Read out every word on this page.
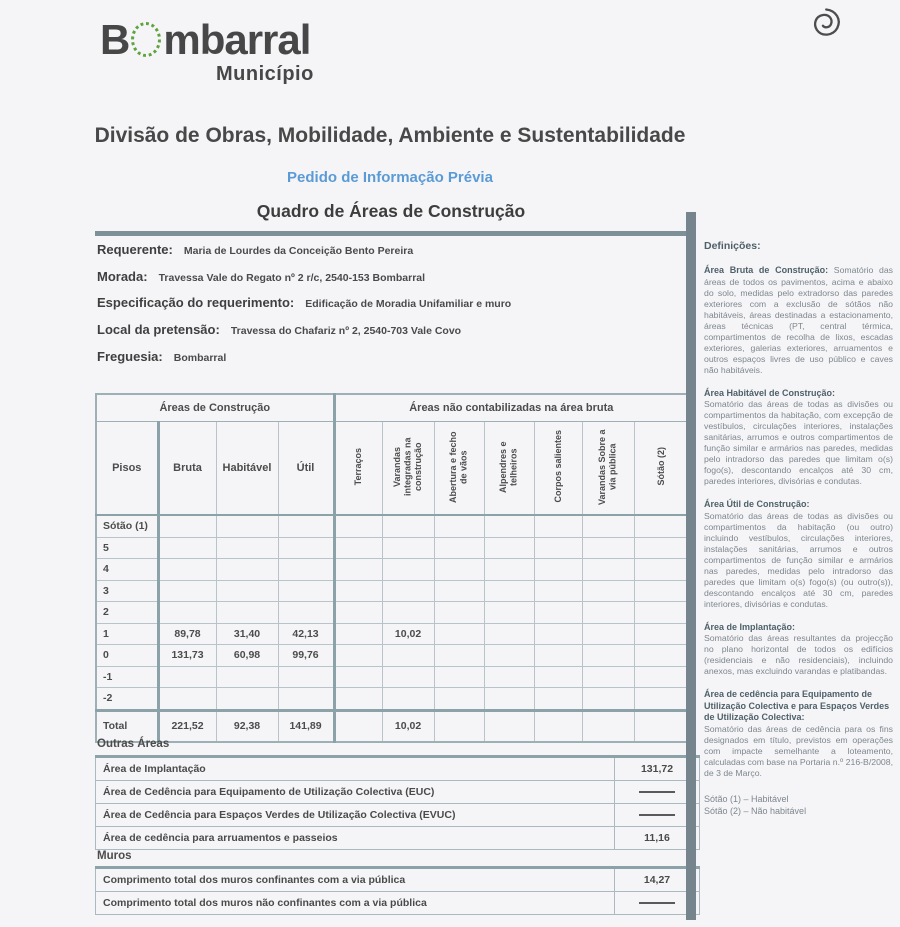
B mbarral
Município
Divisão de Obras, Mobilidade, Ambiente e Sustentabilidade
Pedido de Informação Prévia
Quadro de Áreas de Construção
Requerente: Maria de Lourdes da Conceição Bento Pereira
Morada: Travessa Vale do Regato nº 2 r/c, 2540-153 Bombarral
Especificação do requerimento: Edificação de Moradia Unifamiliar e muro
Local da pretensão: Travessa do Chafariz nº 2, 2540-703 Vale Covo
Freguesia: Bombarral
Áreas de Construção				Áreas não contabilizadas na área bruta						
Pisos	Bruta	Habitável	Útil	Terraços	Varandas integradas na construção	Abertura e fecho de vãos	Alpendres e telheiros	Corpos salientes	Varandas Sobre a via pública	Sótão (2)
Sótão (1)										
5										
4										
3										
2										
1	89,78	31,40	42,13		10,02					
0	131,73	60,98	99,76							
-1										
-2										
Total	221,52	92,38	141,89		10,02					
Outras Áreas
Área de Implantação	131,72
Área de Cedência para Equipamento de Utilização Colectiva (EUC)	

Área de Cedência para Espaços Verdes de Utilização Colectiva (EVUC)	

Área de cedência para arruamentos e passeios	11,16
Muros
Comprimento total dos muros confinantes com a via pública	14,27
Comprimento total dos muros não confinantes com a via pública	
Definições:

Área Bruta de Construção: Somatório das áreas de todos os pavimentos, acima e abaixo do solo, medidas pelo extradorso das paredes exteriores com a exclusão de sótãos não habitáveis, áreas destinadas a estacionamento, áreas técnicas (PT, central térmica, compartimentos de recolha de lixos, escadas exteriores, galerias exteriores, arruamentos e outros espaços livres de uso público e caves não habitáveis.

Área Habitável de Construção:

Somatório das áreas de todas as divisões ou compartimentos da habitação, com excepção de vestíbulos, circulações interiores, instalações sanitárias, arrumos e outros compartimentos de função similar e armários nas paredes, medidas pelo intradorso das paredes que limitam o(s) fogo(s), descontando encalços até 30 cm, paredes interiores, divisórias e condutas.

Área Útil de Construção:

Somatório das áreas de todas as divisões ou compartimentos da habitação (ou outro) incluindo vestíbulos, circulações interiores, instalações sanitárias, arrumos e outros compartimentos de função similar e armários nas paredes, medidas pelo intradorso das paredes que limitam o(s) fogo(s) (ou outro(s)), descontando encalços até 30 cm, paredes interiores, divisórias e condutas.

Área de Implantação:

Somatório das áreas resultantes da projecção no plano horizontal de todos os edifícios (residenciais e não residenciais), incluindo anexos, mas excluindo varandas e platibandas.

Área de cedência para Equipamento de Utilização Colectiva e para Espaços Verdes de Utilização Colectiva:

Somatório das áreas de cedência para os fins designados em título, previstos em operações com impacte semelhante a loteamento, calculadas com base na Portaria n.º 216-B/2008, de 3 de Março.

Sótão (1) – Habitável
Sótão (2) – Não habitável
